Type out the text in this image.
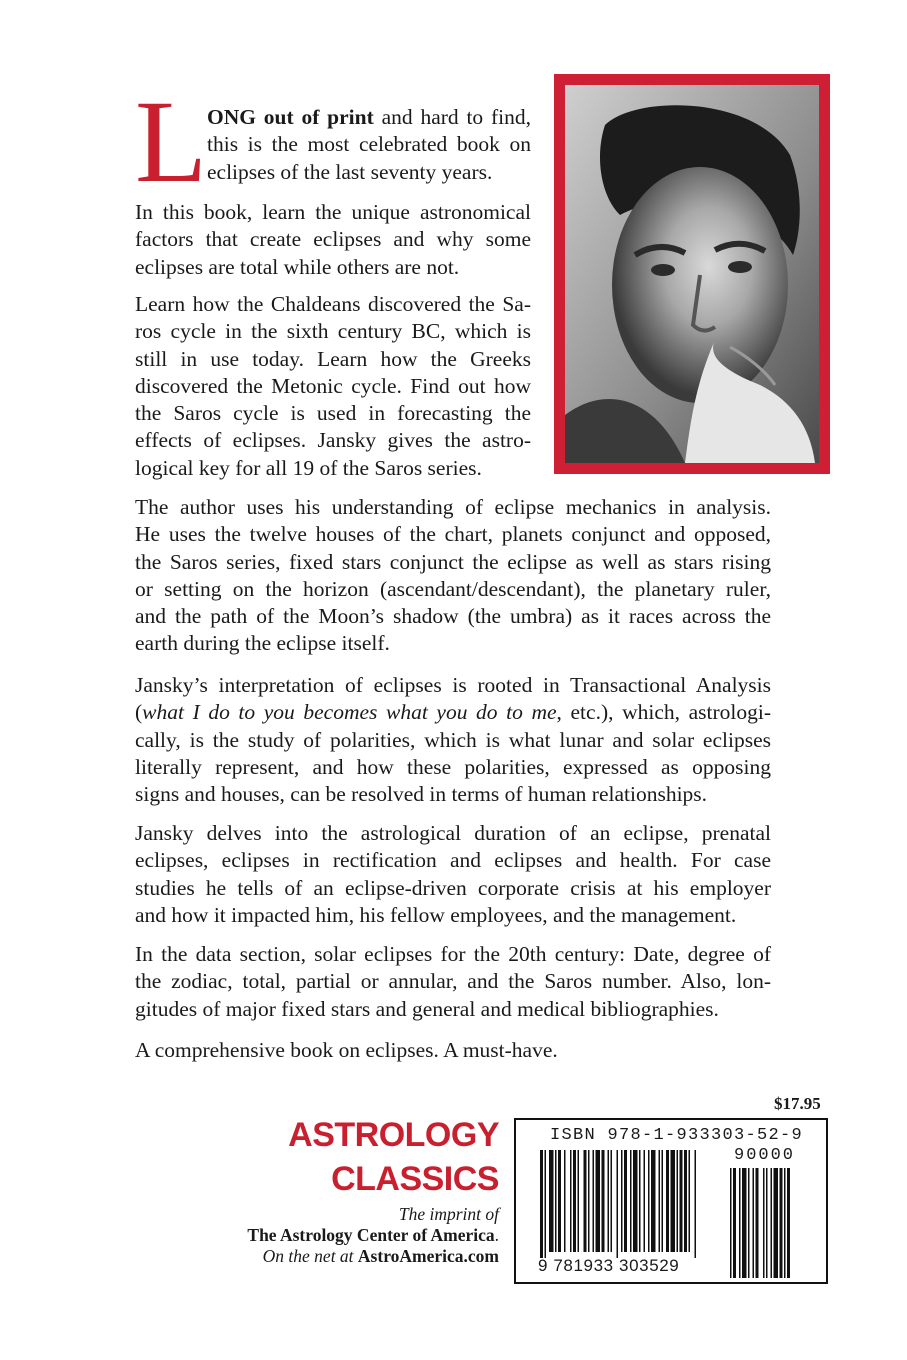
L ONG out of print and hard to find,
this is the most celebrated book on
eclipses of the last seventy years.

In this book, learn the unique astronomical
factors that create eclipses and why some
eclipses are total while others are not.

Learn how the Chaldeans discovered the Sa-
ros cycle in the sixth century BC, which is
still in use today. Learn how the Greeks
discovered the Metonic cycle. Find out how
the Saros cycle is used in forecasting the
effects of eclipses. Jansky gives the astro-
logical key for all 19 of the Saros series.

The author uses his understanding of eclipse mechanics in analysis.
He uses the twelve houses of the chart, planets conjunct and opposed,
the Saros series, fixed stars conjunct the eclipse as well as stars rising
or setting on the horizon (ascendant/descendant), the planetary ruler,
and the path of the Moon’s shadow (the umbra) as it races across the
earth during the eclipse itself.

Jansky’s interpretation of eclipses is rooted in Transactional Analysis
(what I do to you becomes what you do to me, etc.), which, astrologi-
cally, is the study of polarities, which is what lunar and solar eclipses
literally represent, and how these polarities, expressed as opposing
signs and houses, can be resolved in terms of human relationships.

Jansky delves into the astrological duration of an eclipse, prenatal
eclipses, eclipses in rectification and eclipses and health. For case
studies he tells of an eclipse-driven corporate crisis at his employer
and how it impacted him, his fellow employees, and the management.

In the data section, solar eclipses for the 20th century: Date, degree of
the zodiac, total, partial or annular, and the Saros number. Also, lon-
gitudes of major fixed stars and general and medical bibliographies.

A comprehensive book on eclipses. A must-have.

ASTROLOGY
CLASSICS
The imprint of
The Astrology Center of America.
On the net at AstroAmerica.com
$17.95
ISBN 978-1-933303-52-9
90000
9 781933 303529
